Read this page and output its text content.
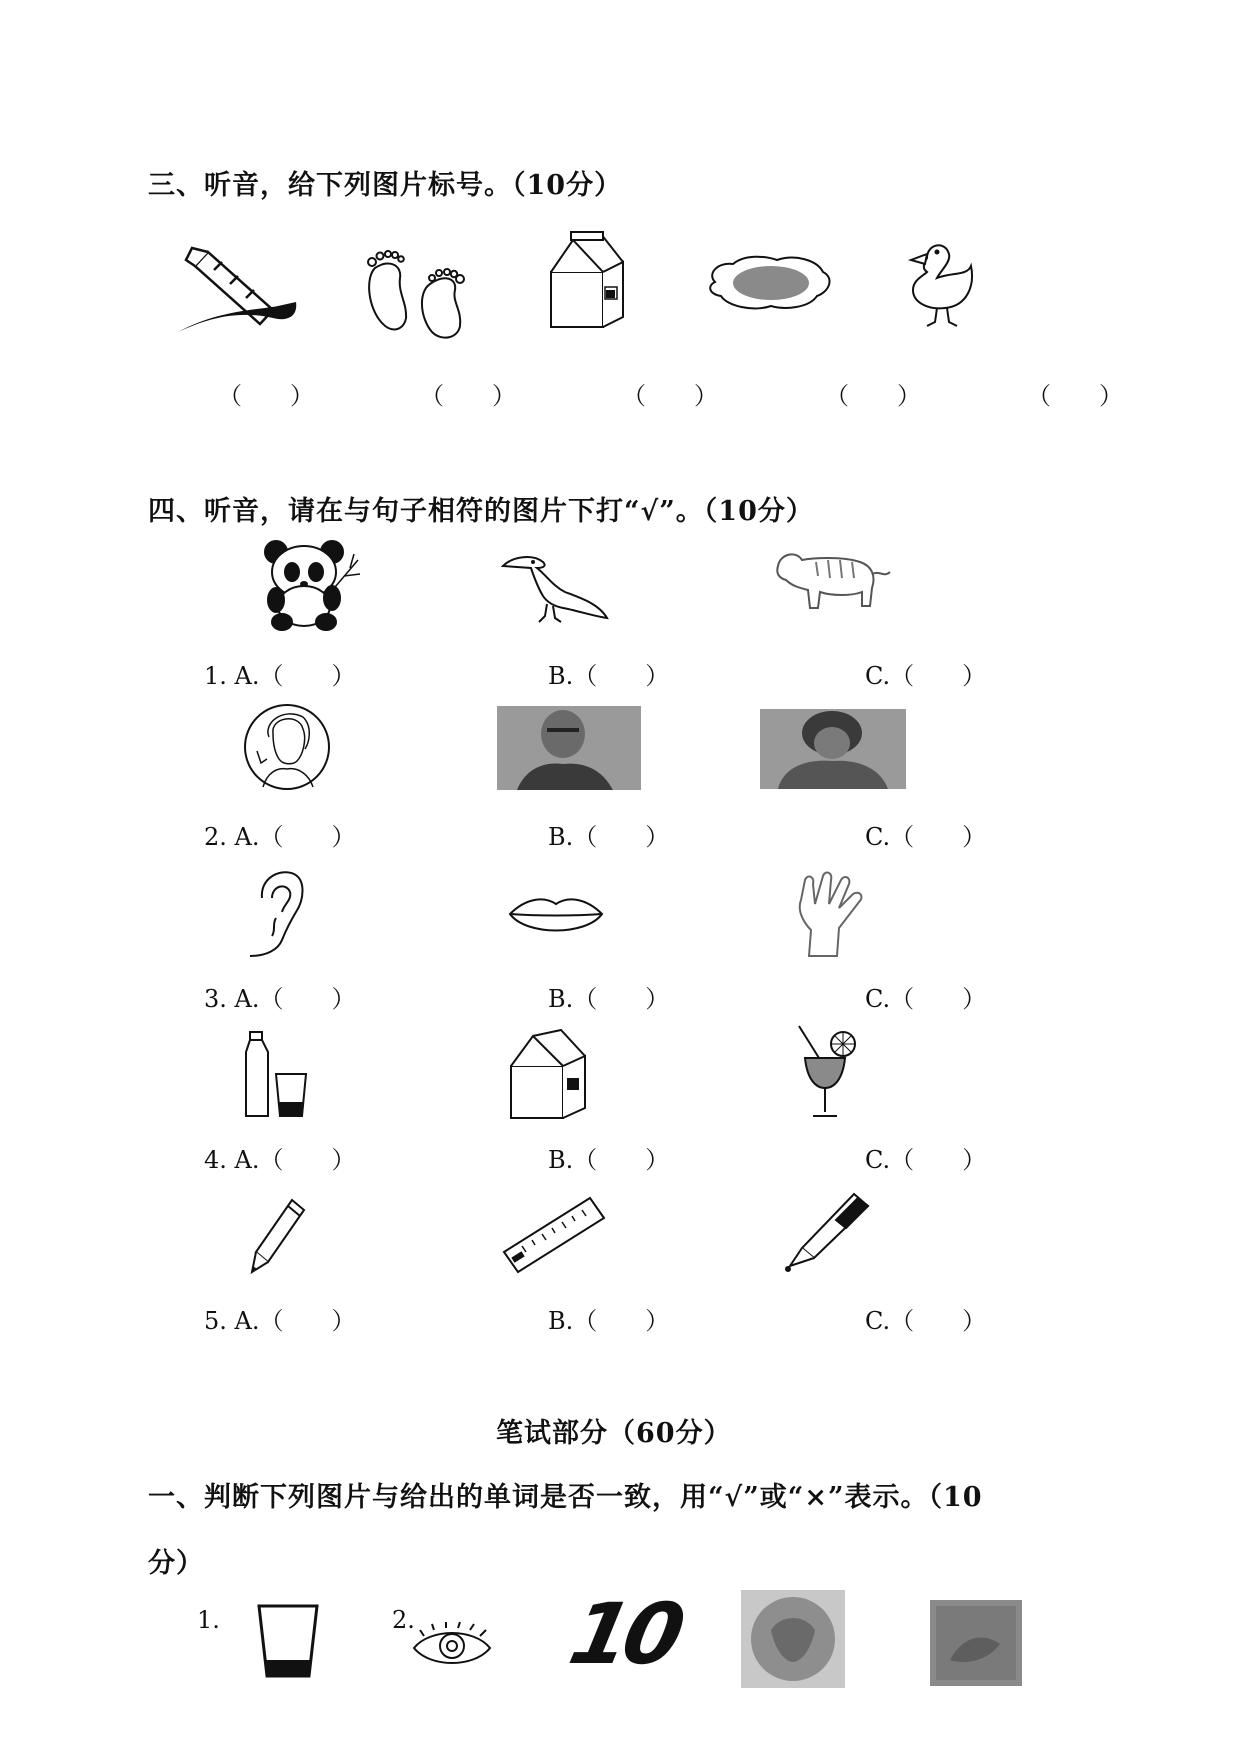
三、听音，给下列图片标号。（10分）
（　　）	（　　）	（　　）	（　　）	（　　）
四、听音，请在与句子相符的图片下打“√”。（10分）
1. A.（　　）	B.（　　）	C.（　　）
2. A.（　　）	B.（　　）	C.（　　）
3. A.（　　）	B.（　　）	C.（　　）
4. A.（　　）	B.（　　）	C.（　　）
5. A.（　　）	B.（　　）	C.（　　）
笔试部分（60分）
一、判断下列图片与给出的单词是否一致，用“√”或“×”表示。（10
分）
1.	2. 10
